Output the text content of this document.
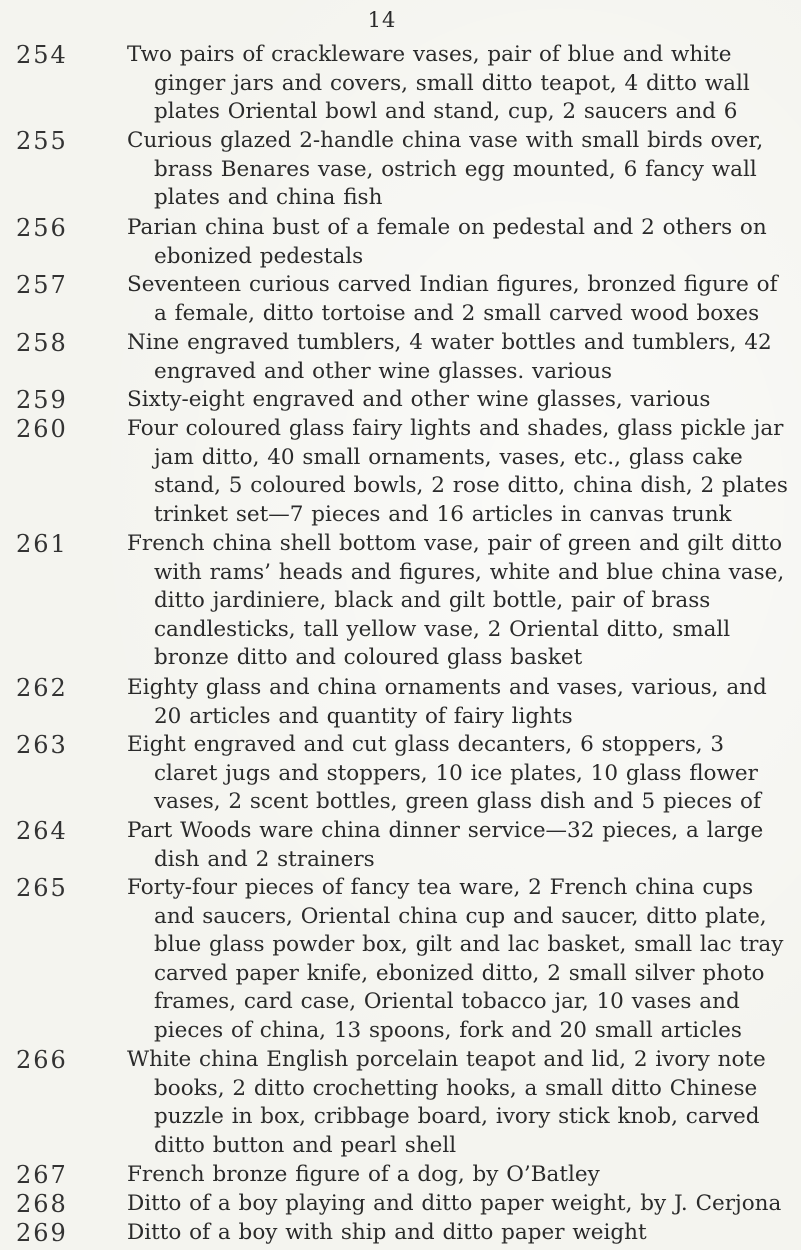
14
254	Two pairs of crackleware vases, pair of blue and white ginger jars and covers, small ditto teapot, 4 ditto wall plates Oriental bowl and stand, cup, 2 saucers and 6
255	Curious glazed 2-handle china vase with small birds over, brass Benares vase, ostrich egg mounted, 6 fancy wall plates and china fish
256	Parian china bust of a female on pedestal and 2 others on ebonized pedestals
257	Seventeen curious carved Indian figures, bronzed figure of a female, ditto tortoise and 2 small carved wood boxes
258	Nine engraved tumblers, 4 water bottles and tumblers, 42 engraved and other wine glasses. various
259	Sixty-eight engraved and other wine glasses, various
260	Four coloured glass fairy lights and shades, glass pickle jar jam ditto, 40 small ornaments, vases, etc., glass cake stand, 5 coloured bowls, 2 rose ditto, china dish, 2 plates trinket set—7 pieces and 16 articles in canvas trunk
261	French china shell bottom vase, pair of green and gilt ditto with rams’ heads and figures, white and blue china vase, ditto jardiniere, black and gilt bottle, pair of brass candlesticks, tall yellow vase, 2 Oriental ditto, small bronze ditto and coloured glass basket
262	Eighty glass and china ornaments and vases, various, and 20 articles and quantity of fairy lights
263	Eight engraved and cut glass decanters, 6 stoppers, 3 claret jugs and stoppers, 10 ice plates, 10 glass flower vases, 2 scent bottles, green glass dish and 5 pieces of
264	Part Woods ware china dinner service—32 pieces, a large dish and 2 strainers
265	Forty-four pieces of fancy tea ware, 2 French china cups and saucers, Oriental china cup and saucer, ditto plate, blue glass powder box, gilt and lac basket, small lac tray carved paper knife, ebonized ditto, 2 small silver photo frames, card case, Oriental tobacco jar, 10 vases and pieces of china, 13 spoons, fork and 20 small articles
266	White china English porcelain teapot and lid, 2 ivory note books, 2 ditto crochetting hooks, a small ditto Chinese puzzle in box, cribbage board, ivory stick knob, carved ditto button and pearl shell
267	French bronze figure of a dog, by O’Batley
268	Ditto of a boy playing and ditto paper weight, by J. Cerjona
269	Ditto of a boy with ship and ditto paper weight
